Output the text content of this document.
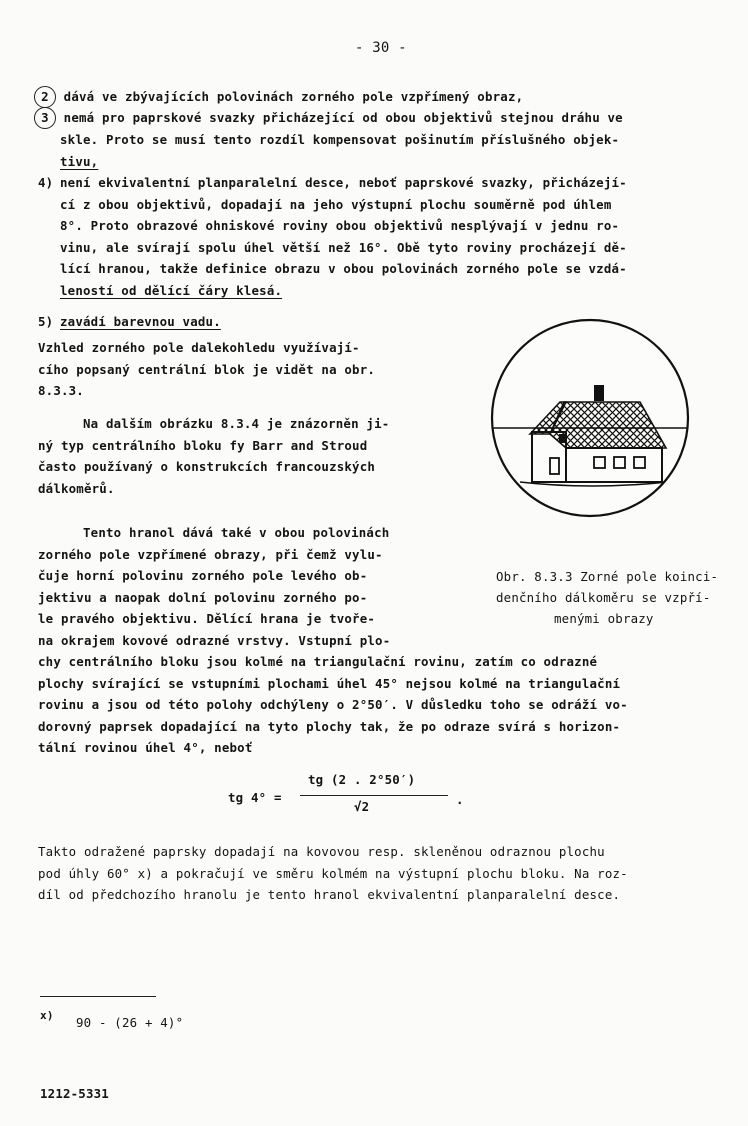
- 30 -
2 dává ve zbývajících polovinách zorného pole vzpřímený obraz,
3 nemá pro paprskové svazky přicházející od obou objektivů stejnou dráhu ve
skle. Proto se musí tento rozdíl kompensovat pošinutím příslušného objek-
tivu,
4) není ekvivalentní planparalelní desce, neboť paprskové svazky, přicházejí-
cí z obou objektivů, dopadají na jeho výstupní plochu souměrně pod úhlem
8°. Proto obrazové ohniskové roviny obou objektivů nesplývají v jednu ro-
vinu, ale svírají spolu úhel větší než 16°. Obě tyto roviny procházejí dě-
lící hranou, takže definice obrazu v obou polovinách zorného pole se vzdá-
leností od dělící čáry klesá.
5) zavádí barevnou vadu.

Vzhled zorného pole dalekohledu využívají-

cího popsaný centrální blok je vidět na obr.

8.3.3.

Na dalším obrázku 8.3.4 je znázorněn ji-

ný typ centrálního bloku fy Barr and Stroud

často používaný o konstrukcích francouzských

dálkoměrů.

Tento hranol dává také v obou polovinách

zorného pole vzpřímené obrazy, při čemž vylu-

čuje horní polovinu zorného pole levého ob-

jektivu a naopak dolní polovinu zorného po-

le pravého objektivu. Dělící hrana je tvoře-

na okrajem kovové odrazné vrstvy. Vstupní plo-

chy centrálního bloku jsou kolmé na triangulační rovinu, zatím co odrazné

plochy svírající se vstupními plochami úhel 45° nejsou kolmé na triangulační

rovinu a jsou od této polohy odchýleny o 2°50′. V důsledku toho se odráží vo-

dorovný paprsek dopadající na tyto plochy tak, že po odraze svírá s horizon-

tální rovinou úhel 4°, neboť

tg 4° =
tg (2 . 2°50′)
√2	.

Takto odražené paprsky dopadají na kovovou resp. skleněnou odraznou plochu

pod úhly 60° x) a pokračují ve směru kolmém na výstupní plochu bloku. Na roz-

díl od předchozího hranolu je tento hranol ekvivalentní planparalelní desce.

Obr. 8.3.3 Zorné pole koinci-
denčního dálkoměru se vzpří-
menými obrazy
x) 90 - (26 + 4)°
1212-5331
